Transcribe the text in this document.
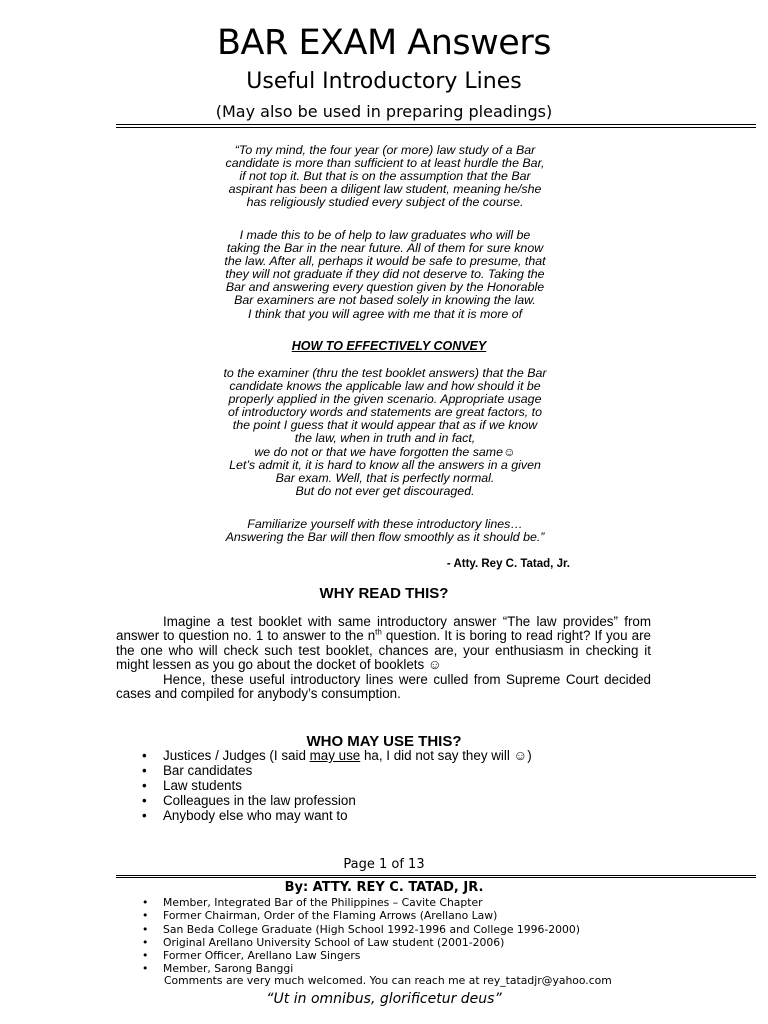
BAR EXAM Answers
Useful Introductory Lines
(May also be used in preparing pleadings)
“To my mind, the four year (or more) law study of a Bar
candidate is more than sufficient to at least hurdle the Bar,
if not top it. But that is on the assumption that the Bar
aspirant has been a diligent law student, meaning he/she
has religiously studied every subject of the course.
I made this to be of help to law graduates who will be
taking the Bar in the near future. All of them for sure know
the law. After all, perhaps it would be safe to presume, that
they will not graduate if they did not deserve to. Taking the
Bar and answering every question given by the Honorable
Bar examiners are not based solely in knowing the law.
I think that you will agree with me that it is more of
HOW TO EFFECTIVELY CONVEY
to the examiner (thru the test booklet answers) that the Bar
candidate knows the applicable law and how should it be
properly applied in the given scenario. Appropriate usage
of introductory words and statements are great factors, to
the point I guess that it would appear that as if we know
the law, when in truth and in fact,
we do not or that we have forgotten the same☺
Let’s admit it, it is hard to know all the answers in a given
Bar exam. Well, that is perfectly normal.
But do not ever get discouraged.
Familiarize yourself with these introductory lines…
Answering the Bar will then flow smoothly as it should be.”
- Atty. Rey C. Tatad, Jr.
WHY READ THIS?

Imagine a test booklet with same introductory answer “The law provides” from answer to question no. 1 to answer to the $n^{th}$ question. It is boring to read right? If you are the one who will check such test booklet, chances are, your enthusiasm in checking it might lessen as you go about the docket of booklets ☺

Hence, these useful introductory lines were culled from Supreme Court decided cases and compiled for anybody’s consumption.

WHO MAY USE THIS?
• Justices / Judges (I said may use ha, I did not say they will ☺)
• Bar candidates
• Law students
• Colleagues in the law profession
• Anybody else who may want to
Page 1 of 13
By: ATTY. REY C. TATAD, JR.
• Member, Integrated Bar of the Philippines – Cavite Chapter
• Former Chairman, Order of the Flaming Arrows (Arellano Law)
• San Beda College Graduate (High School 1992-1996 and College 1996-2000)
• Original Arellano University School of Law student (2001-2006)
• Former Officer, Arellano Law Singers
• Member, Sarong Banggi
Comments are very much welcomed. You can reach me at rey_tatadjr@yahoo.com
“Ut in omnibus, glorificetur deus”
